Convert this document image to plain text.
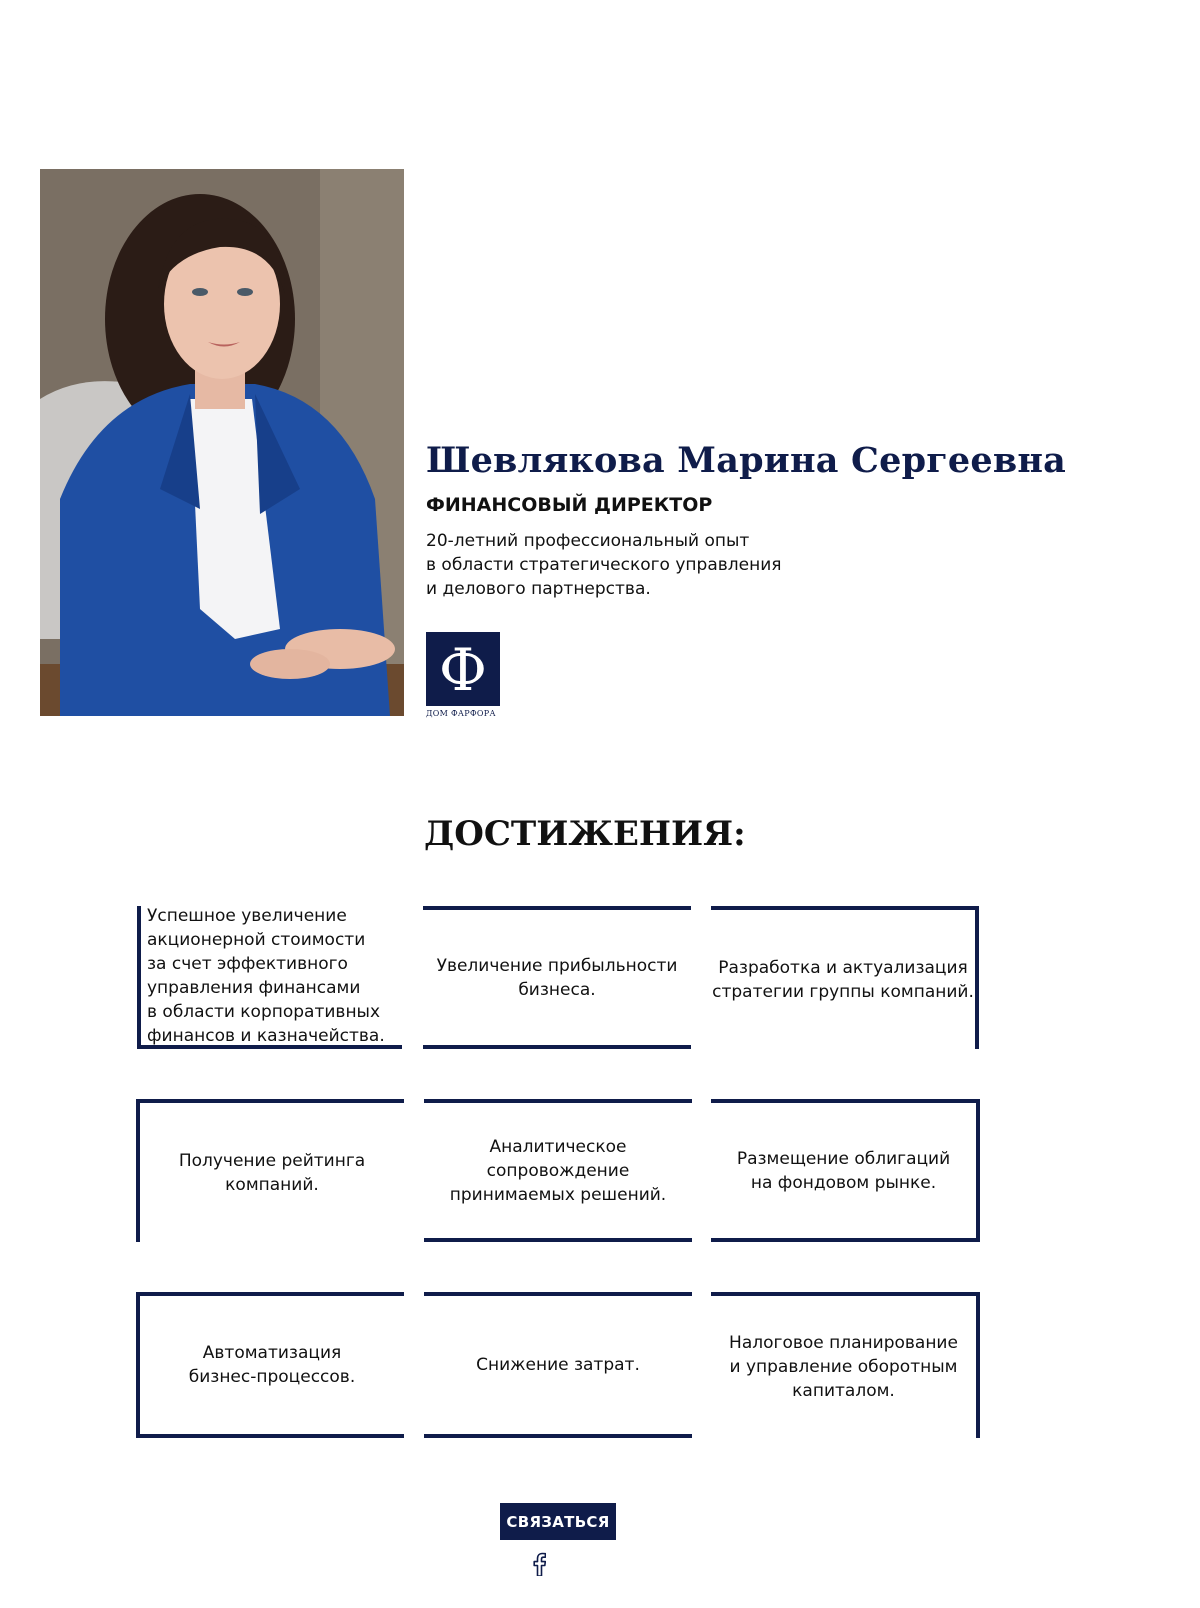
Шевлякова Марина Сергеевна
ФИНАНСОВЫЙ ДИРЕКТОР
20-летний профессиональный опыт
в области стратегического управления
и делового партнерства.
Ф
ДОМ ФАРФОРА
ДОСТИЖЕНИЯ:
Успешное увеличение
акционерной стоимости
за счет эффективного
управления финансами
в области корпоративных
финансов и казначейства.
Увеличение прибыльности
бизнеса.
Разработка и актуализация
стратегии группы компаний.
Получение рейтинга
компаний.
Аналитическое
сопровождение
принимаемых решений.
Размещение облигаций
на фондовом рынке.
Автоматизация
бизнес-процессов.
Снижение затрат.
Налоговое планирование
и управление оборотным
капиталом.
СВЯЗАТЬСЯ
